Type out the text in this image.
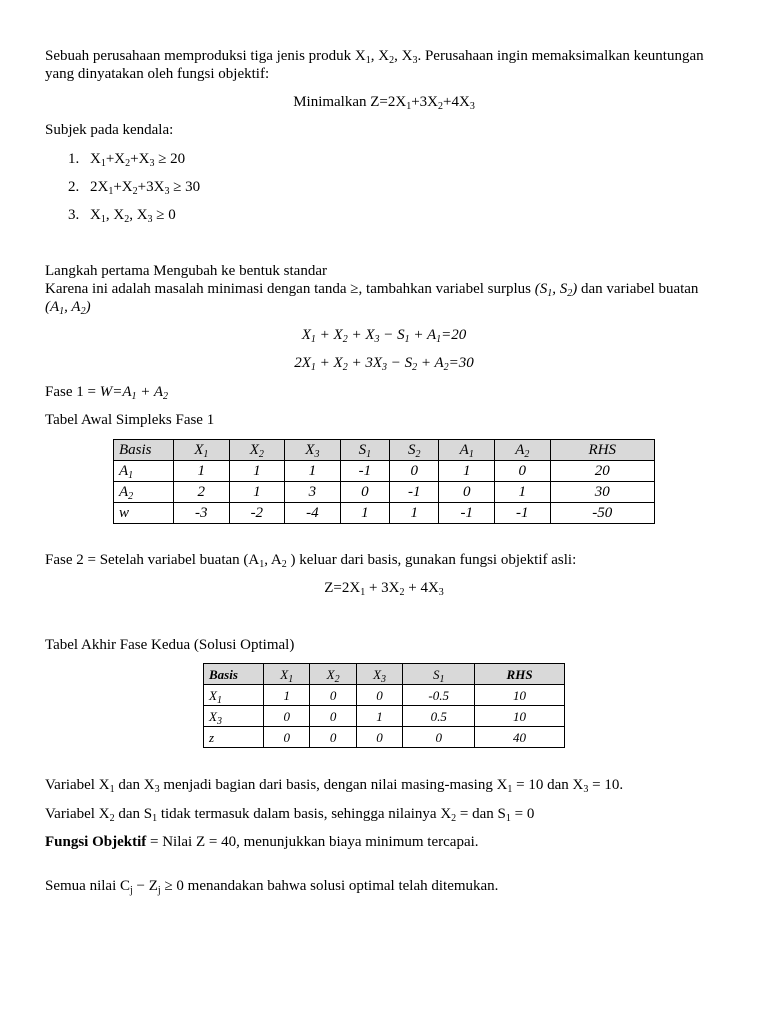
Sebuah perusahaan memproduksi tiga jenis produk $X_1$, $X_2$, $X_3$. Perusahaan ingin memaksimalkan keuntungan yang dinyatakan oleh fungsi objektif:
Minimalkan $Z=2X_1+3X_2+4X_3$
Subjek pada kendala:
1. $X_1+X_2+X_3 \ge 20$
2. $2X_1+X_2+3X_3 \ge 30$
3. $X_1$, $X_2$, $X_3 \ge 0$
Langkah pertama Mengubah ke bentuk standar
Karena ini adalah masalah minimasi dengan tanda ≥, tambahkan variabel surplus ($S_1$, $S_2$) dan variabel buatan ($A_1$, $A_2$)
$X_1 + X_2 + X_3 - S_1 + A_1=20$
$2X_1 + X_2 + 3X_3 - S_2 + A_2=30$
Fase $1 = W=A_1 + A_2$
Tabel Awal Simpleks Fase 1
Basis	$X_1$	$X_2$	$X_3$	$S_1$	$S_2$	$A_1$	$A_2$	RHS
$A_1$	1	1	1	-1	0	1	0	20
$A_2$	2	1	3	0	-1	0	1	30
w	-3	-2	-4	1	1	-1	-1	-50
Fase 2 = Setelah variabel buatan ($A_1$, $A_2$ ) keluar dari basis, gunakan fungsi objektif asli:
$Z=2X_1 + 3X_2 + 4X_3$
Tabel Akhir Fase Kedua (Solusi Optimal)
Basis	$X_1$	$X_2$	$X_3$	$S_1$	RHS
$X_1$	1	0	0	-0.5	10
$X_3$	0	0	1	0.5	10
z	0	0	0	0	40
Variabel $X_1$ dan $X_3$ menjadi bagian dari basis, dengan nilai masing-masing $X_1 = 10$ dan $X_3 = 10$.
Variabel $X_2$ dan $S_1$ tidak termasuk dalam basis, sehingga nilainya $X_2$ = dan $S_1 = 0$
Fungsi Objektif = Nilai Z = 40, menunjukkan biaya minimum tercapai.
Semua nilai $C_j - Z_j \ge 0$ menandakan bahwa solusi optimal telah ditemukan.
